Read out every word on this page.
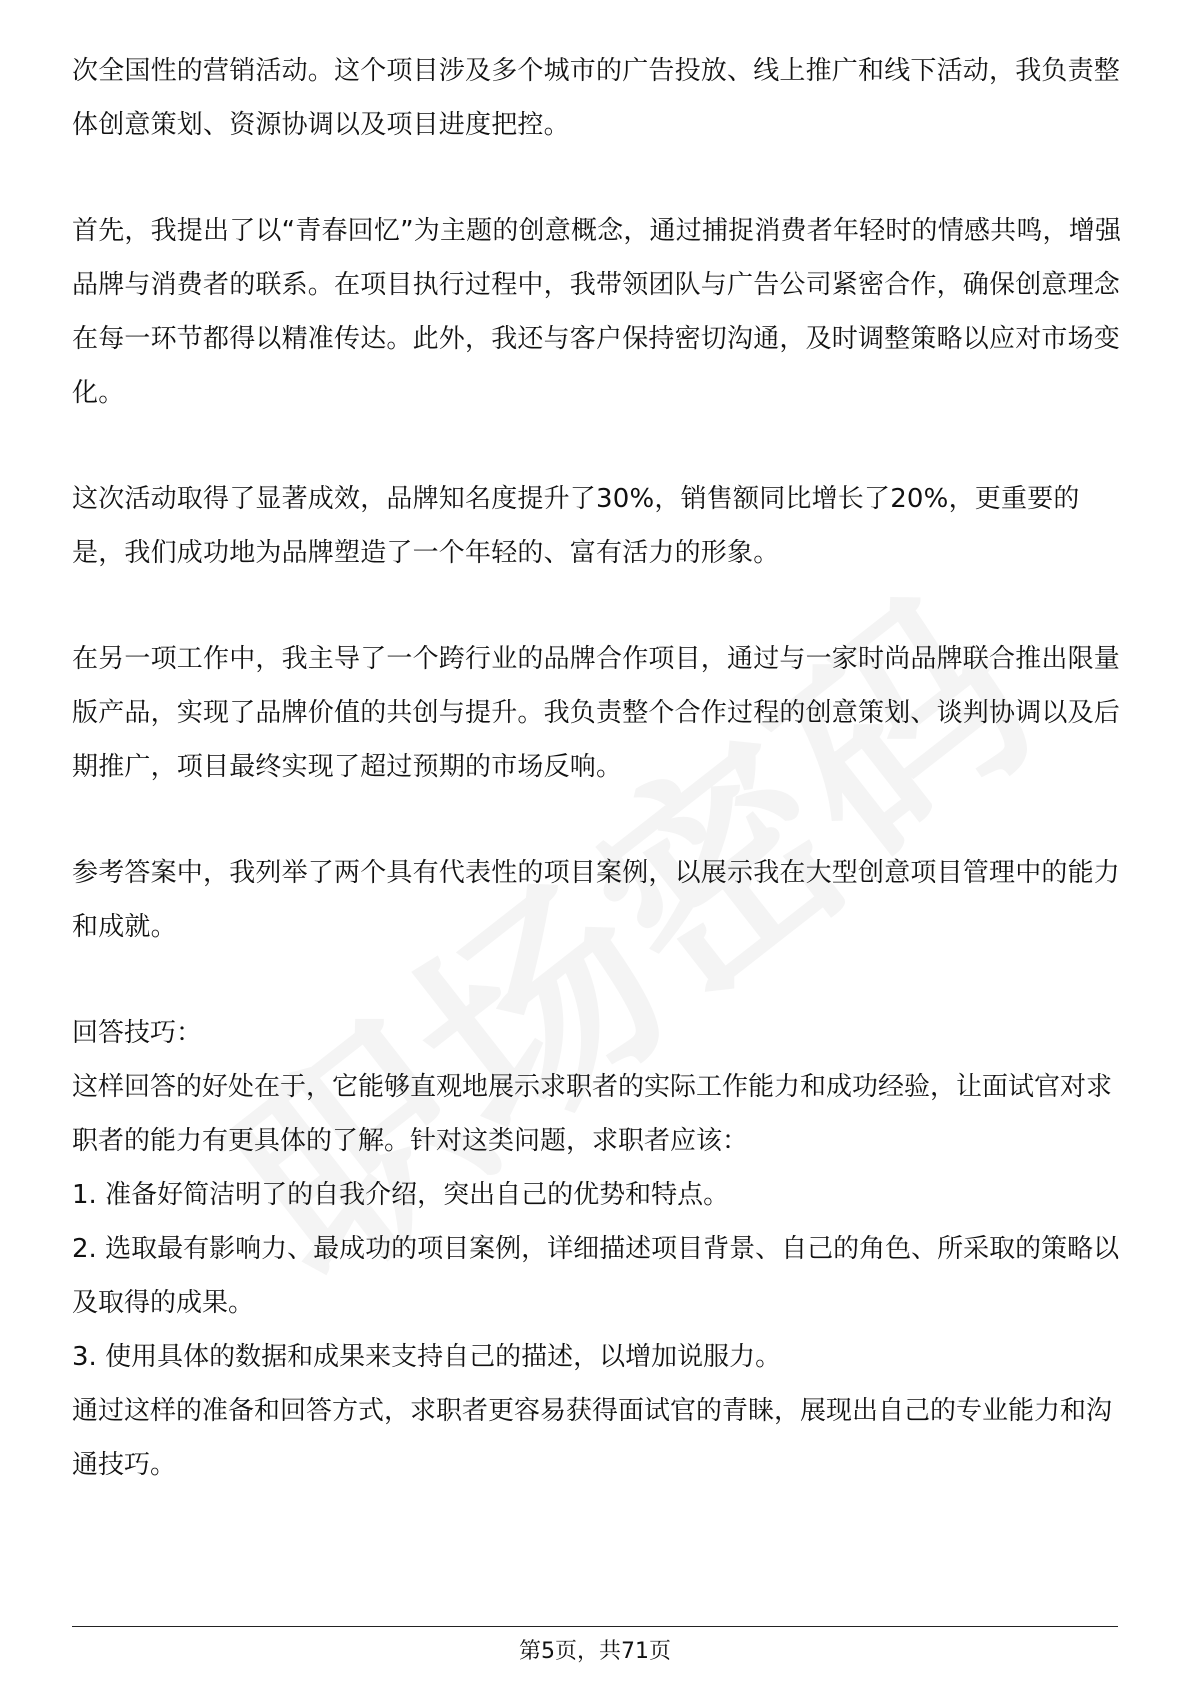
次全国性的营销活动。这个项目涉及多个城市的广告投放、线上推广和线下活动，我负责整体创意策划、资源协调以及项目进度把控。

首先，我提出了以“青春回忆”为主题的创意概念，通过捕捉消费者年轻时的情感共鸣，增强品牌与消费者的联系。在项目执行过程中，我带领团队与广告公司紧密合作，确保创意理念在每一环节都得以精准传达。此外，我还与客户保持密切沟通，及时调整策略以应对市场变化。

这次活动取得了显著成效，品牌知名度提升了30%，销售额同比增长了20%，更重要的是，我们成功地为品牌塑造了一个年轻的、富有活力的形象。

在另一项工作中，我主导了一个跨行业的品牌合作项目，通过与一家时尚品牌联合推出限量版产品，实现了品牌价值的共创与提升。我负责整个合作过程的创意策划、谈判协调以及后期推广，项目最终实现了超过预期的市场反响。

参考答案中，我列举了两个具有代表性的项目案例，以展示我在大型创意项目管理中的能力和成就。

回答技巧：
这样回答的好处在于，它能够直观地展示求职者的实际工作能力和成功经验，让面试官对求职者的能力有更具体的了解。针对这类问题，求职者应该：
1. 准备好简洁明了的自我介绍，突出自己的优势和特点。
2. 选取最有影响力、最成功的项目案例，详细描述项目背景、自己的角色、所采取的策略以及取得的成果。
3. 使用具体的数据和成果来支持自己的描述，以增加说服力。
通过这样的准备和回答方式，求职者更容易获得面试官的青睐，展现出自己的专业能力和沟通技巧。
第5页，共71页
